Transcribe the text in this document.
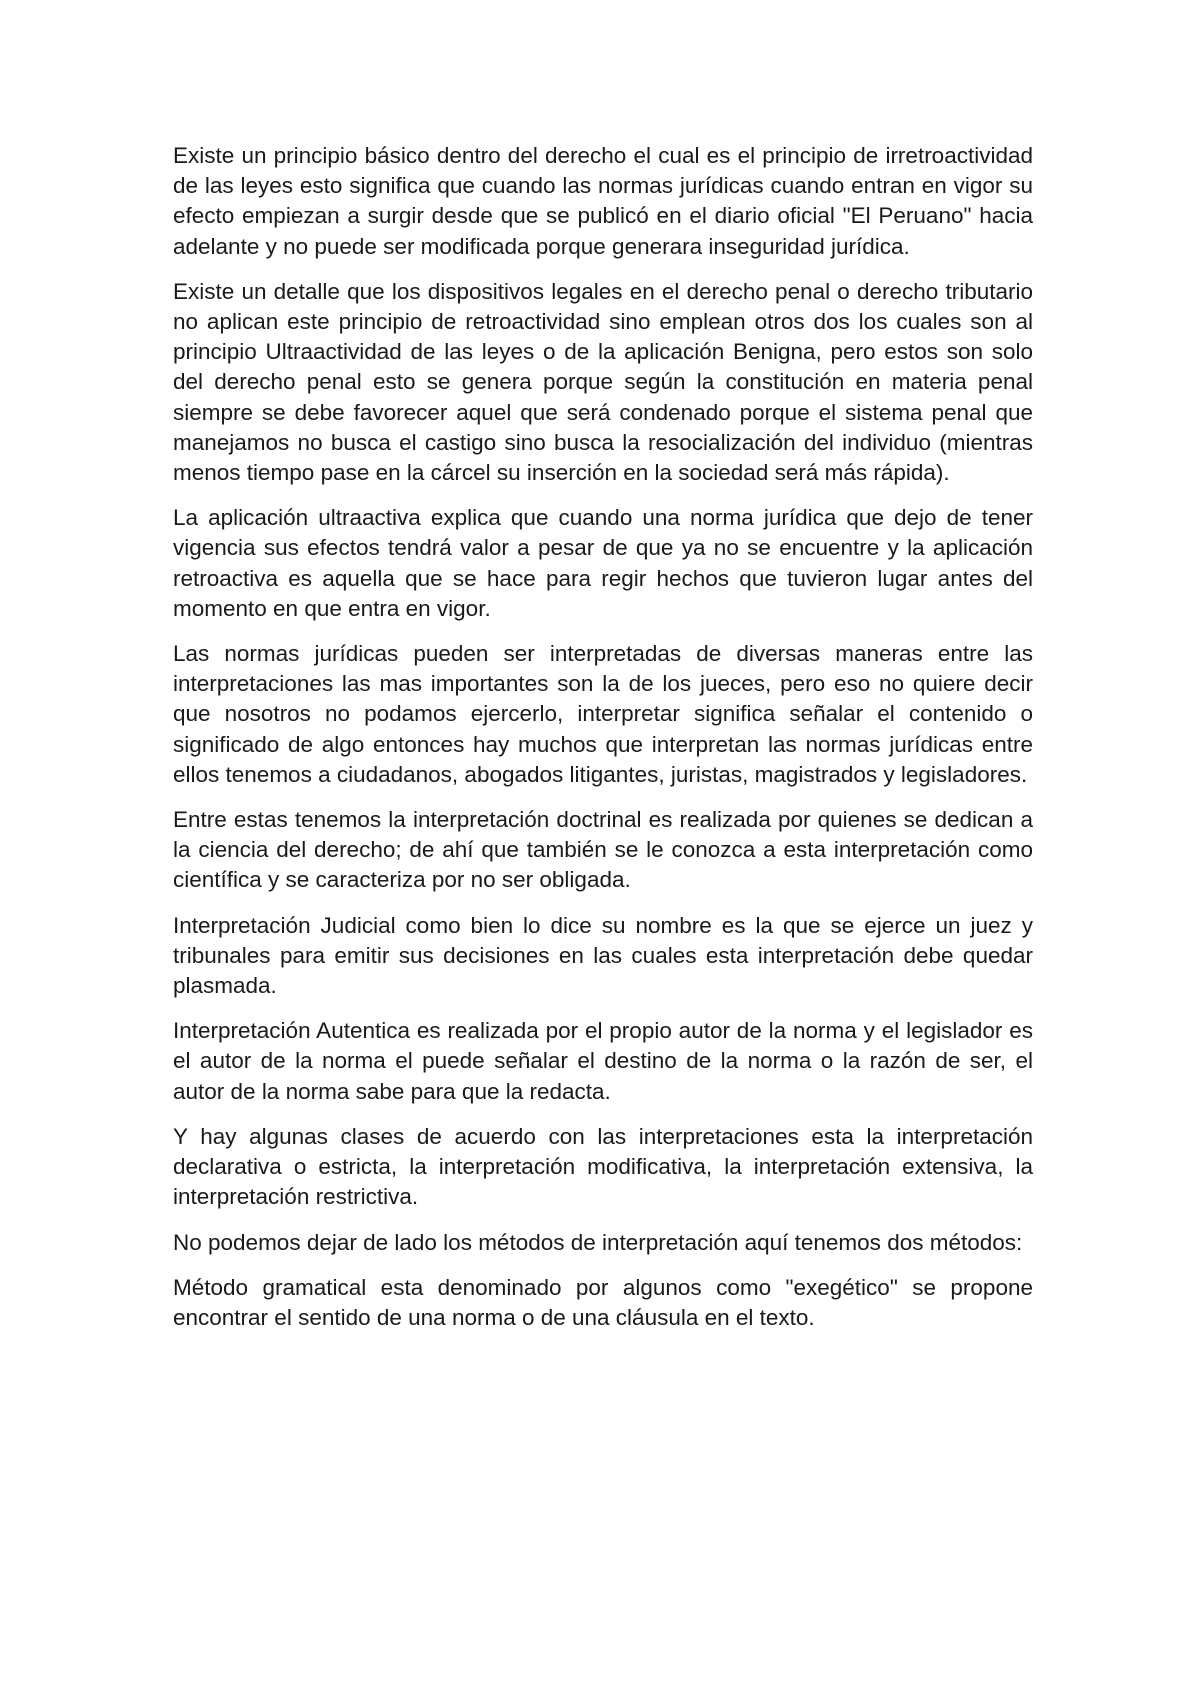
Existe un principio básico dentro del derecho el cual es el principio de irretroactividad de las leyes esto significa que cuando las normas jurídicas cuando entran en vigor su efecto empiezan a surgir desde que se publicó en el diario oficial "El Peruano" hacia adelante y no puede ser modificada porque generara inseguridad jurídica.

Existe un detalle que los dispositivos legales en el derecho penal o derecho tributario no aplican este principio de retroactividad sino emplean otros dos los cuales son al principio Ultraactividad de las leyes o de la aplicación Benigna, pero estos son solo del derecho penal esto se genera porque según la constitución en materia penal siempre se debe favorecer aquel que será condenado porque el sistema penal que manejamos no busca el castigo sino busca la resocialización del individuo (mientras menos tiempo pase en la cárcel su inserción en la sociedad será más rápida).

La aplicación ultraactiva explica que cuando una norma jurídica que dejo de tener vigencia sus efectos tendrá valor a pesar de que ya no se encuentre y la aplicación retroactiva es aquella que se hace para regir hechos que tuvieron lugar antes del momento en que entra en vigor.

Las normas jurídicas pueden ser interpretadas de diversas maneras entre las interpretaciones las mas importantes son la de los jueces, pero eso no quiere decir que nosotros no podamos ejercerlo, interpretar significa señalar el contenido o significado de algo entonces hay muchos que interpretan las normas jurídicas entre ellos tenemos a ciudadanos, abogados litigantes, juristas, magistrados y legisladores.

Entre estas tenemos la interpretación doctrinal es realizada por quienes se dedican a la ciencia del derecho; de ahí que también se le conozca a esta interpretación como científica y se caracteriza por no ser obligada.

Interpretación Judicial como bien lo dice su nombre es la que se ejerce un juez y tribunales para emitir sus decisiones en las cuales esta interpretación debe quedar plasmada.

Interpretación Autentica es realizada por el propio autor de la norma y el legislador es el autor de la norma el puede señalar el destino de la norma o la razón de ser, el autor de la norma sabe para que la redacta.

Y hay algunas clases de acuerdo con las interpretaciones esta la interpretación declarativa o estricta, la interpretación modificativa, la interpretación extensiva, la interpretación restrictiva.

No podemos dejar de lado los métodos de interpretación aquí tenemos dos métodos:

Método gramatical esta denominado por algunos como "exegético" se propone encontrar el sentido de una norma o de una cláusula en el texto.
